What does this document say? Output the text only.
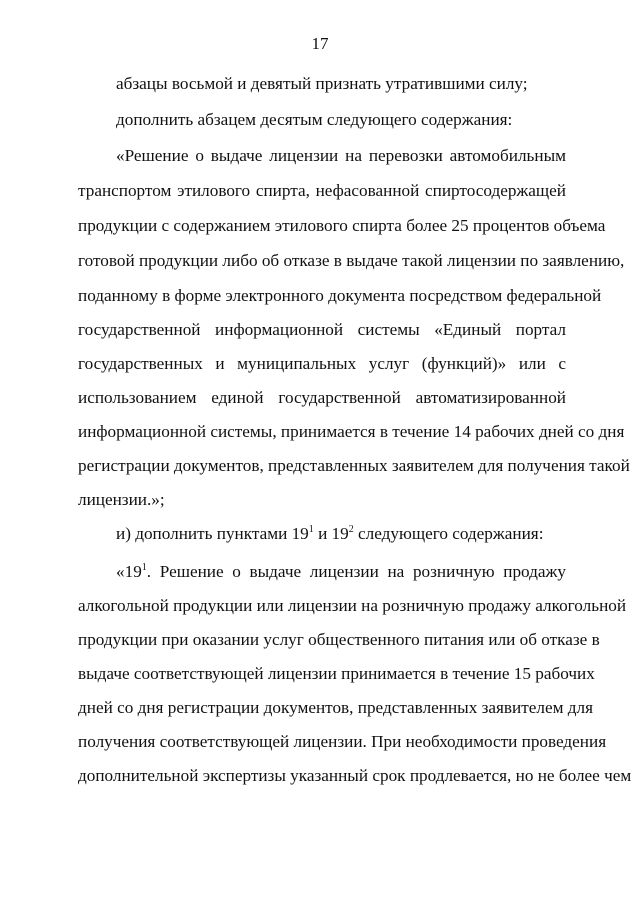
17
абзацы восьмой и девятый признать утратившими силу;
дополнить абзацем десятым следующего содержания:
«Решение о выдаче лицензии на перевозки автомобильным
транспортом этилового спирта, нефасованной спиртосодержащей
продукции с содержанием этилового спирта более 25 процентов объема
готовой продукции либо об отказе в выдаче такой лицензии по заявлению,
поданному в форме электронного документа посредством федеральной
государственной информационной системы «Единый портал
государственных и муниципальных услуг (функций)» или с
использованием единой государственной автоматизированной
информационной системы, принимается в течение 14 рабочих дней со дня
регистрации документов, представленных заявителем для получения такой
лицензии.»;
и) дополнить пунктами $19^1$ и $19^2$ следующего содержания:
«$19^1$. Решение о выдаче лицензии на розничную продажу
алкогольной продукции или лицензии на розничную продажу алкогольной
продукции при оказании услуг общественного питания или об отказе в
выдаче соответствующей лицензии принимается в течение 15 рабочих
дней со дня регистрации документов, представленных заявителем для
получения соответствующей лицензии. При необходимости проведения
дополнительной экспертизы указанный срок продлевается, но не более чем
